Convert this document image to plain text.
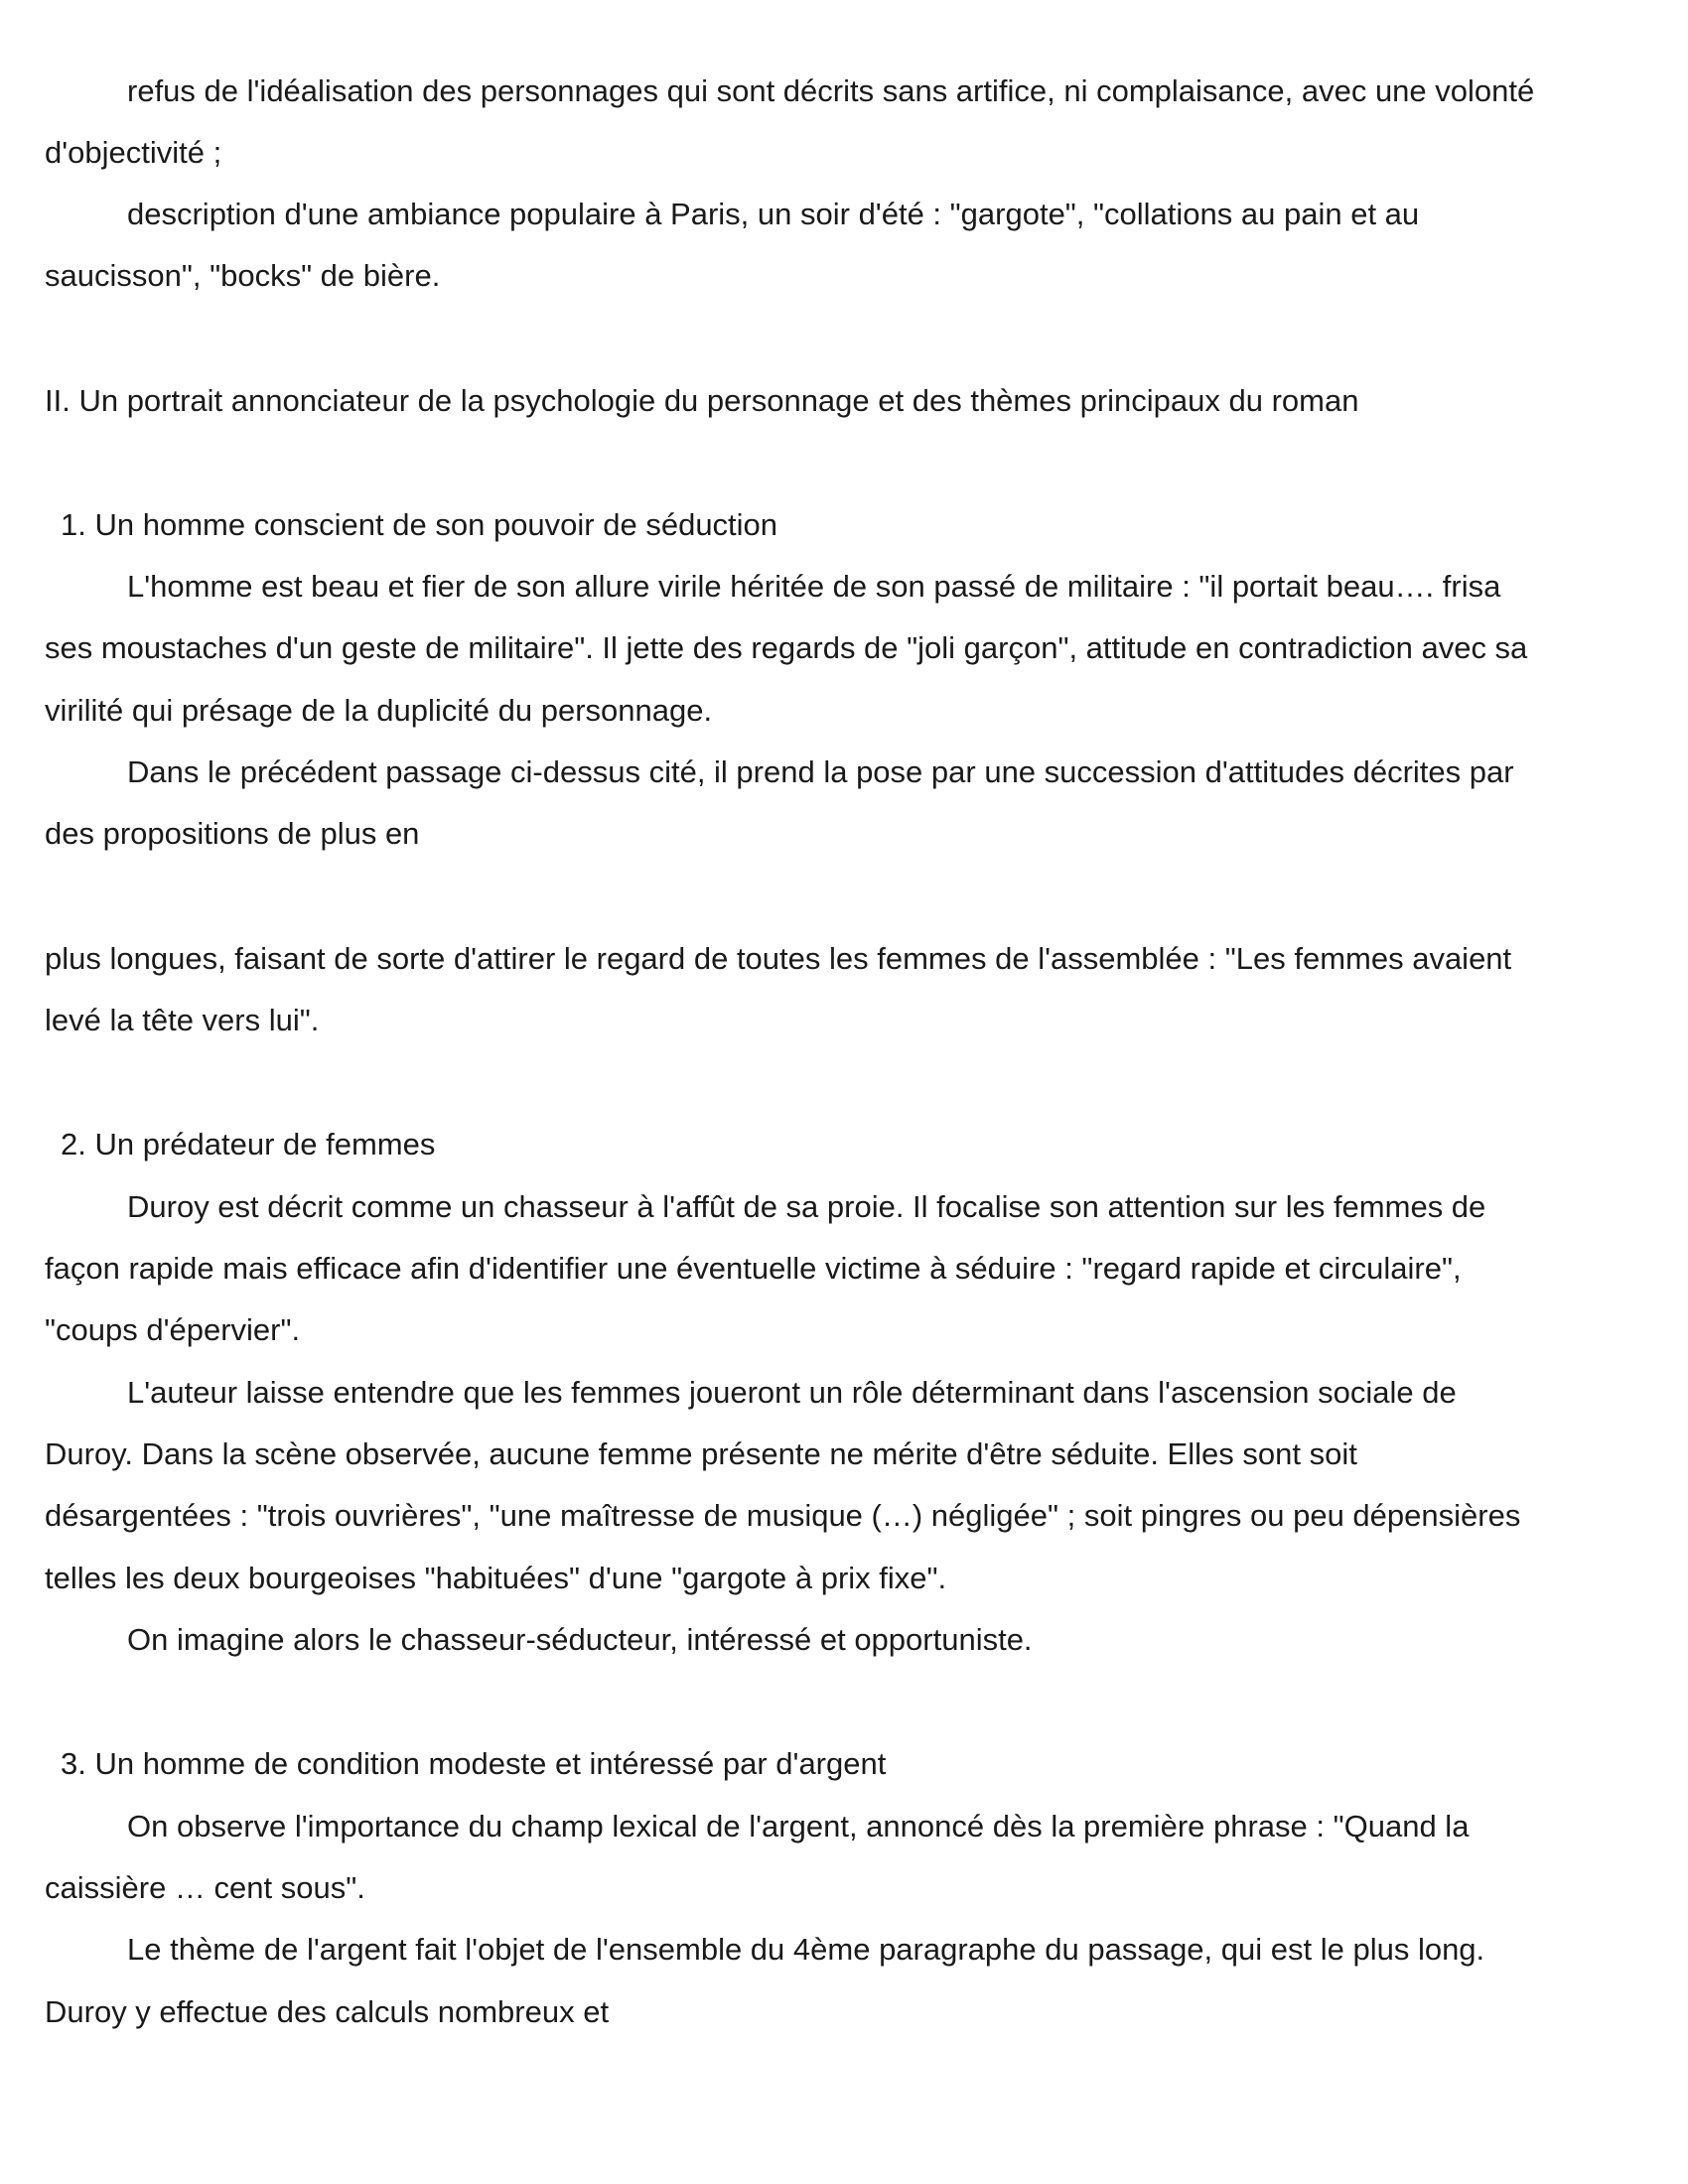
refus de l'idéalisation des personnages qui sont décrits sans artifice, ni complaisance, avec une volonté
d'objectivité ;
description d'une ambiance populaire à Paris, un soir d'été : "gargote", "collations au pain et au
saucisson", "bocks" de bière.
II. Un portrait annonciateur de la psychologie du personnage et des thèmes principaux du roman
1. Un homme conscient de son pouvoir de séduction
L'homme est beau et fier de son allure virile héritée de son passé de militaire : "il portait beau…. frisa
ses moustaches d'un geste de militaire". Il jette des regards de "joli garçon", attitude en contradiction avec sa
virilité qui présage de la duplicité du personnage.
Dans le précédent passage ci-dessus cité, il prend la pose par une succession d'attitudes décrites par
des propositions de plus en
plus longues, faisant de sorte d'attirer le regard de toutes les femmes de l'assemblée : "Les femmes avaient
levé la tête vers lui".
2. Un prédateur de femmes
Duroy est décrit comme un chasseur à l'affût de sa proie. Il focalise son attention sur les femmes de
façon rapide mais efficace afin d'identifier une éventuelle victime à séduire : "regard rapide et circulaire",
"coups d'épervier".
L'auteur laisse entendre que les femmes joueront un rôle déterminant dans l'ascension sociale de
Duroy. Dans la scène observée, aucune femme présente ne mérite d'être séduite. Elles sont soit
désargentées : "trois ouvrières", "une maîtresse de musique (…) négligée" ; soit pingres ou peu dépensières
telles les deux bourgeoises "habituées" d'une "gargote à prix fixe".
On imagine alors le chasseur-séducteur, intéressé et opportuniste.
3. Un homme de condition modeste et intéressé par d'argent
On observe l'importance du champ lexical de l'argent, annoncé dès la première phrase : "Quand la
caissière … cent sous".
Le thème de l'argent fait l'objet de l'ensemble du 4ème paragraphe du passage, qui est le plus long.
Duroy y effectue des calculs nombreux et
